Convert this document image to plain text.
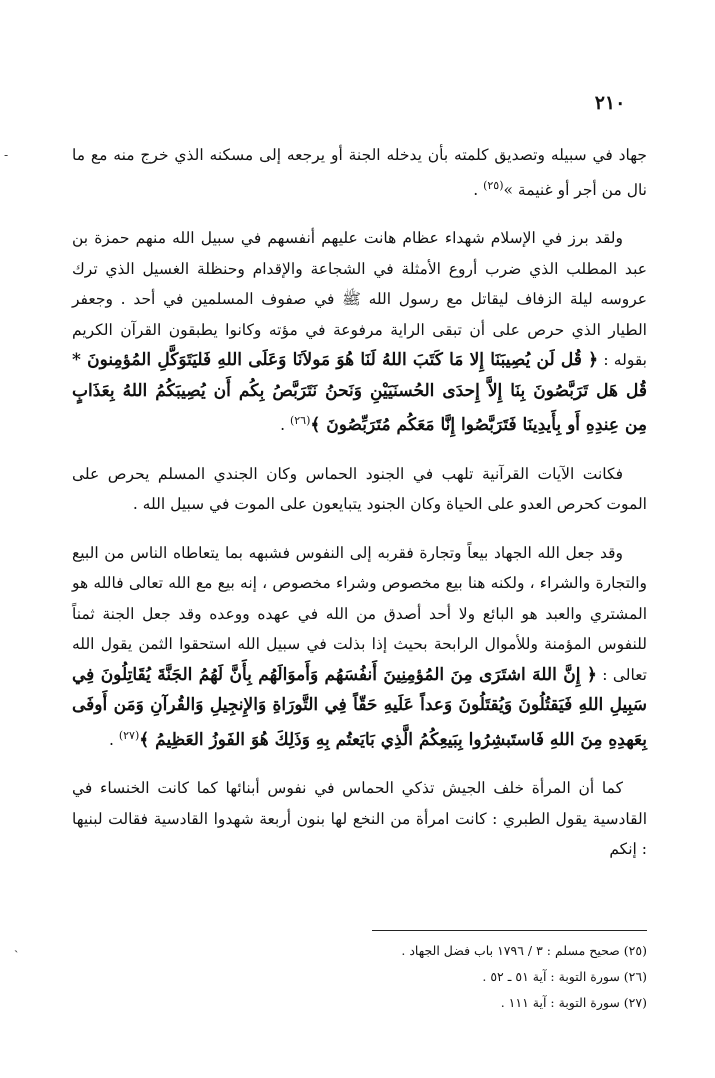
٢١٠

جهاد في سبيله وتصديق كلمته بأن يدخله الجنة أو يرجعه إلى مسكنه الذي خرج منه مع ما نال من أجر أو غنيمة »$^{(٢٥)}$ .

ولقد برز في الإسلام شهداء عظام هانت عليهم أنفسهم في سبيل الله منهم حمزة بن عبد المطلب الذي ضرب أروع الأمثلة في الشجاعة والإقدام وحنظلة الغسيل الذي ترك عروسه ليلة الزفاف ليقاتل مع رسول الله ﷺ في صفوف المسلمين في أحد . وجعفر الطيار الذي حرص على أن تبقى الراية مرفوعة في مؤته وكانوا يطبقون القرآن الكريم بقوله : ﴿ قُل لَن يُصِيبَنَا إِلا مَا كَتَبَ اللهُ لَنَا هُوَ مَولاَنَا وَعَلَى اللهِ فَليَتَوَكَّلِ المُؤمِنونَ * قُل هَل تَرَبَّصُونَ بِنَا إِلاَّ إِحدَى الحُسنَيَيْنِ وَنَحنُ نَتَرَبَّصُ بِكُم أَن يُصِيبَكُمُ اللهُ بِعَذَابٍ مِن عِندِهِ أَو بِأَيدِينَا فَتَرَبَّصُوا إِنَّا مَعَكُم مُتَرَبِّصُونَ ﴾$^{(٢٦)}$ .

فكانت الآيات القرآنية تلهب في الجنود الحماس وكان الجندي المسلم يحرص على الموت كحرص العدو على الحياة وكان الجنود يتبايعون على الموت في سبيل الله .

وقد جعل الله الجهاد بيعاً وتجارة فقربه إلى النفوس فشبهه بما يتعاطاه الناس من البيع والتجارة والشراء ، ولكنه هنا بيع مخصوص وشراء مخصوص ، إنه بيع مع الله تعالى فالله هو المشتري والعبد هو البائع ولا أحد أصدق من الله في عهده ووعده وقد جعل الجنة ثمناً للنفوس المؤمنة وللأموال الرابحة بحيث إذا بذلت في سبيل الله استحقوا الثمن يقول الله تعالى : ﴿ إِنَّ اللهَ اشتَرَى مِنَ المُؤمِنِينَ أَنفُسَهُم وَأَموَالَهُم بِأَنَّ لَهُمُ الجَنَّةَ يُقَاتِلُونَ فِي سَبِيلِ اللهِ فَيَقتُلُونَ وَيُقتَلُونَ وَعداً عَلَيهِ حَقّاً فِي التَّورَاةِ وَالإِنجِيلِ وَالقُرآنِ وَمَن أَوفَى بِعَهدِهِ مِنَ اللهِ فَاستَبشِرُوا بِبَيعِكُمُ الَّذِي بَايَعتُم بِهِ وَذَلِكَ هُوَ الفَوزُ العَظِيمُ ﴾$^{(٢٧)}$ .

كما أن المرأة خلف الجيش تذكي الحماس في نفوس أبنائها كما كانت الخنساء في القادسية يقول الطبري : كانت امرأة من النخع لها بنون أربعة شهدوا القادسية فقالت لبنيها : إنكم

(٢٥) صحيح مسلم : ٣ / ١٧٩٦ باب فضل الجهاد .

(٢٦) سورة التوبة : آية ٥١ ـ ٥٢ .

(٢٧) سورة التوبة : آية ١١١ .

˗
ˎ
